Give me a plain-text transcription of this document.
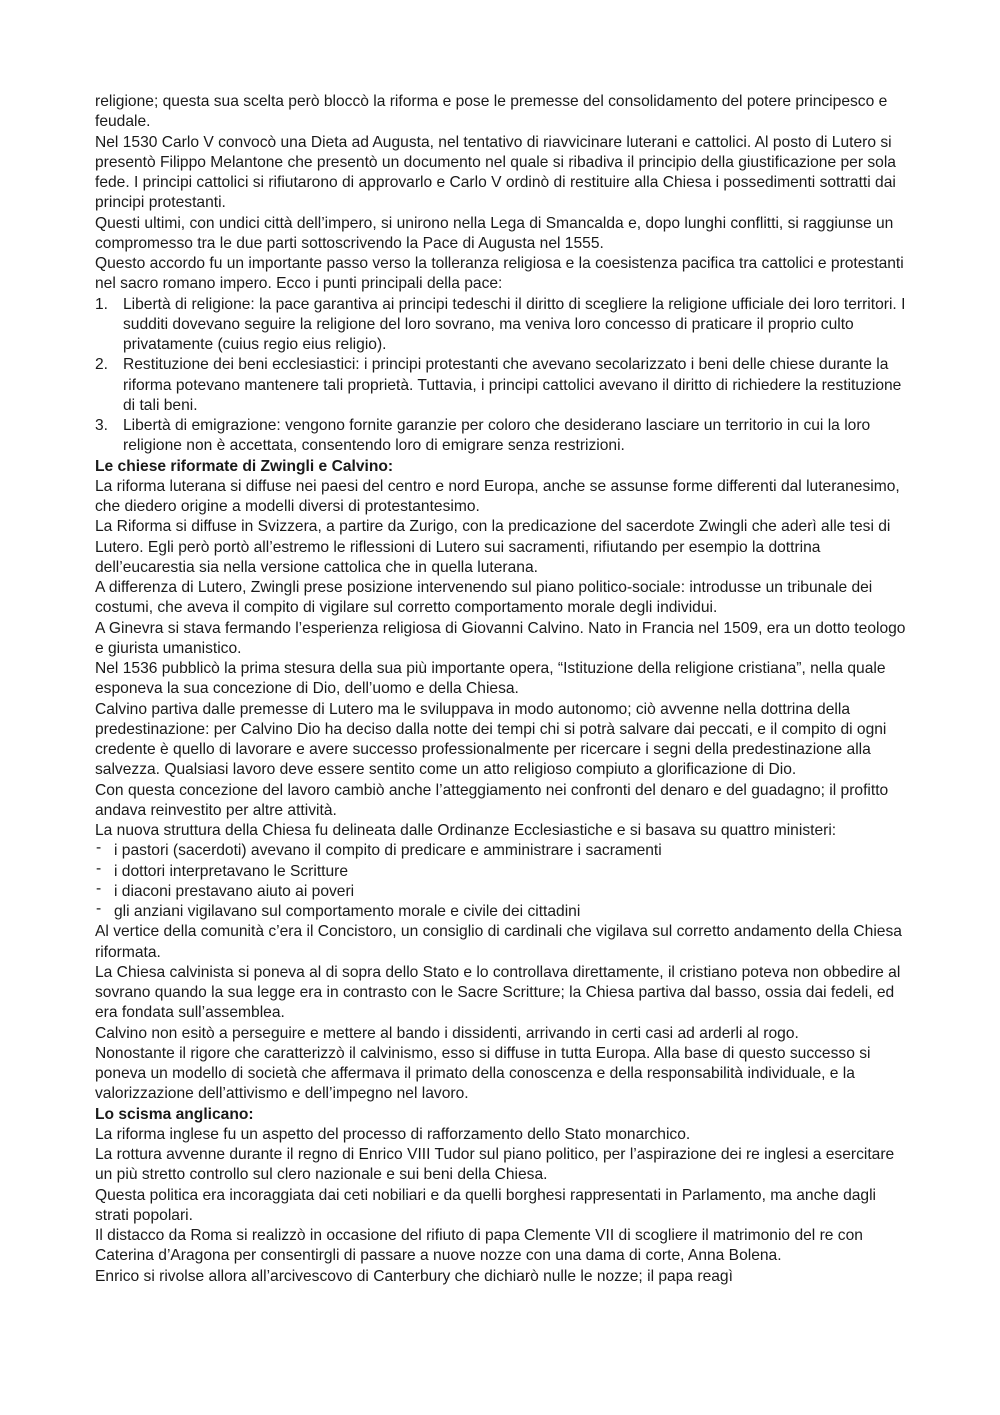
religione; questa sua scelta però bloccò la riforma e pose le premesse del consolidamento del potere principesco e feudale.

Nel 1530 Carlo V convocò una Dieta ad Augusta, nel tentativo di riavvicinare luterani e cattolici. Al posto di Lutero si presentò Filippo Melantone che presentò un documento nel quale si ribadiva il principio della giustificazione per sola fede. I principi cattolici si rifiutarono di approvarlo e Carlo V ordinò di restituire alla Chiesa i possedimenti sottratti dai principi protestanti.

Questi ultimi, con undici città dell’impero, si unirono nella Lega di Smancalda e, dopo lunghi conflitti, si raggiunse un compromesso tra le due parti sottoscrivendo la Pace di Augusta nel 1555.

Questo accordo fu un importante passo verso la tolleranza religiosa e la coesistenza pacifica tra cattolici e protestanti nel sacro romano impero. Ecco i punti principali della pace:

1. Libertà di religione: la pace garantiva ai principi tedeschi il diritto di scegliere la religione ufficiale dei loro territori. I sudditi dovevano seguire la religione del loro sovrano, ma veniva loro concesso di praticare il proprio culto privatamente (cuius regio eius religio).
2. Restituzione dei beni ecclesiastici: i principi protestanti che avevano secolarizzato i beni delle chiese durante la riforma potevano mantenere tali proprietà. Tuttavia, i principi cattolici avevano il diritto di richiedere la restituzione di tali beni.
3. Libertà di emigrazione: vengono fornite garanzie per coloro che desiderano lasciare un territorio in cui la loro religione non è accettata, consentendo loro di emigrare senza restrizioni.

Le chiese riformate di Zwingli e Calvino:

La riforma luterana si diffuse nei paesi del centro e nord Europa, anche se assunse forme differenti dal luteranesimo, che diedero origine a modelli diversi di protestantesimo.

La Riforma si diffuse in Svizzera, a partire da Zurigo, con la predicazione del sacerdote Zwingli che aderì alle tesi di Lutero. Egli però portò all’estremo le riflessioni di Lutero sui sacramenti, rifiutando per esempio la dottrina dell’eucarestia sia nella versione cattolica che in quella luterana.

A differenza di Lutero, Zwingli prese posizione intervenendo sul piano politico-sociale: introdusse un tribunale dei costumi, che aveva il compito di vigilare sul corretto comportamento morale degli individui.

A Ginevra si stava fermando l’esperienza religiosa di Giovanni Calvino. Nato in Francia nel 1509, era un dotto teologo e giurista umanistico.

Nel 1536 pubblicò la prima stesura della sua più importante opera, “Istituzione della religione cristiana”, nella quale esponeva la sua concezione di Dio, dell’uomo e della Chiesa.

Calvino partiva dalle premesse di Lutero ma le sviluppava in modo autonomo; ciò avvenne nella dottrina della predestinazione: per Calvino Dio ha deciso dalla notte dei tempi chi si potrà salvare dai peccati, e il compito di ogni credente è quello di lavorare e avere successo professionalmente per ricercare i segni della predestinazione alla salvezza. Qualsiasi lavoro deve essere sentito come un atto religioso compiuto a glorificazione di Dio.

Con questa concezione del lavoro cambiò anche l’atteggiamento nei confronti del denaro e del guadagno; il profitto andava reinvestito per altre attività.

La nuova struttura della Chiesa fu delineata dalle Ordinanze Ecclesiastiche e si basava su quattro ministeri:

- i pastori (sacerdoti) avevano il compito di predicare e amministrare i sacramenti
- i dottori interpretavano le Scritture
- i diaconi prestavano aiuto ai poveri
- gli anziani vigilavano sul comportamento morale e civile dei cittadini

Al vertice della comunità c’era il Concistoro, un consiglio di cardinali che vigilava sul corretto andamento della Chiesa riformata.

La Chiesa calvinista si poneva al di sopra dello Stato e lo controllava direttamente, il cristiano poteva non obbedire al sovrano quando la sua legge era in contrasto con le Sacre Scritture; la Chiesa partiva dal basso, ossia dai fedeli, ed era fondata sull’assemblea.

Calvino non esitò a perseguire e mettere al bando i dissidenti, arrivando in certi casi ad arderli al rogo.

Nonostante il rigore che caratterizzò il calvinismo, esso si diffuse in tutta Europa. Alla base di questo successo si poneva un modello di società che affermava il primato della conoscenza e della responsabilità individuale, e la valorizzazione dell’attivismo e dell’impegno nel lavoro.

Lo scisma anglicano:

La riforma inglese fu un aspetto del processo di rafforzamento dello Stato monarchico.

La rottura avvenne durante il regno di Enrico VIII Tudor sul piano politico, per l’aspirazione dei re inglesi a esercitare un più stretto controllo sul clero nazionale e sui beni della Chiesa.

Questa politica era incoraggiata dai ceti nobiliari e da quelli borghesi rappresentati in Parlamento, ma anche dagli strati popolari.

Il distacco da Roma si realizzò in occasione del rifiuto di papa Clemente VII di scogliere il matrimonio del re con Caterina d’Aragona per consentirgli di passare a nuove nozze con una dama di corte, Anna Bolena.

Enrico si rivolse allora all’arcivescovo di Canterbury che dichiarò nulle le nozze; il papa reagì
